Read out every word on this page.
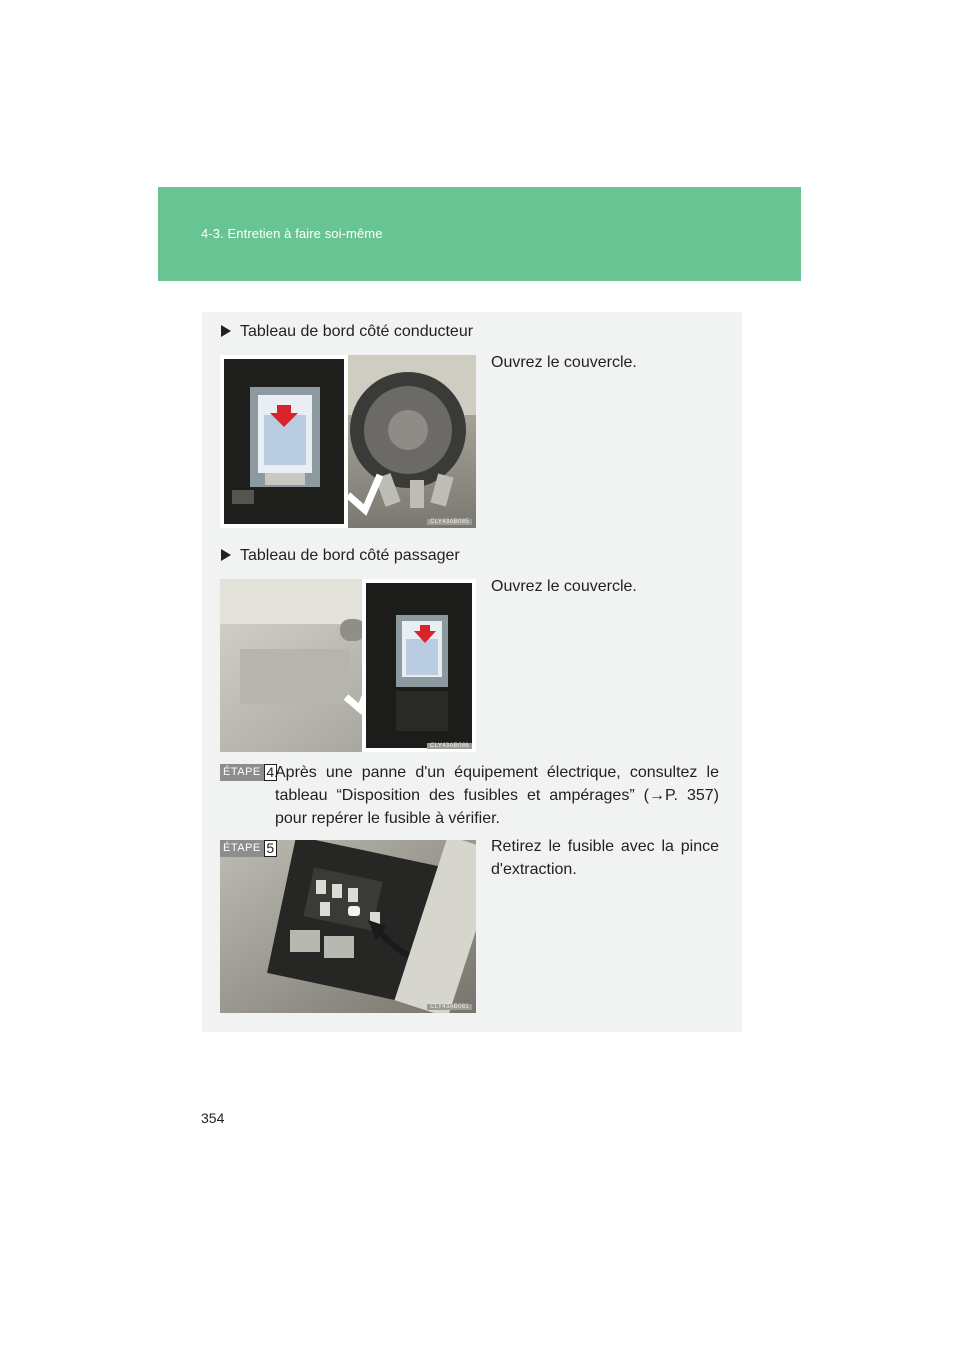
4-3. Entretien à faire soi-même
Tableau de bord côté conducteur
CLY43AB085
Ouvrez le couvercle.
Tableau de bord côté passager
CLY43AB086
Ouvrez le couvercle.
ÉTAPE 4 Après une panne d'un équipement électrique, consultez le tableau “Disposition des fusibles et ampérages” (→P. 357) pour repérer le fusible à vérifier.
ÉTAPE 5
CLY43AB081
Retirez le fusible avec la pince d'extraction.
354
